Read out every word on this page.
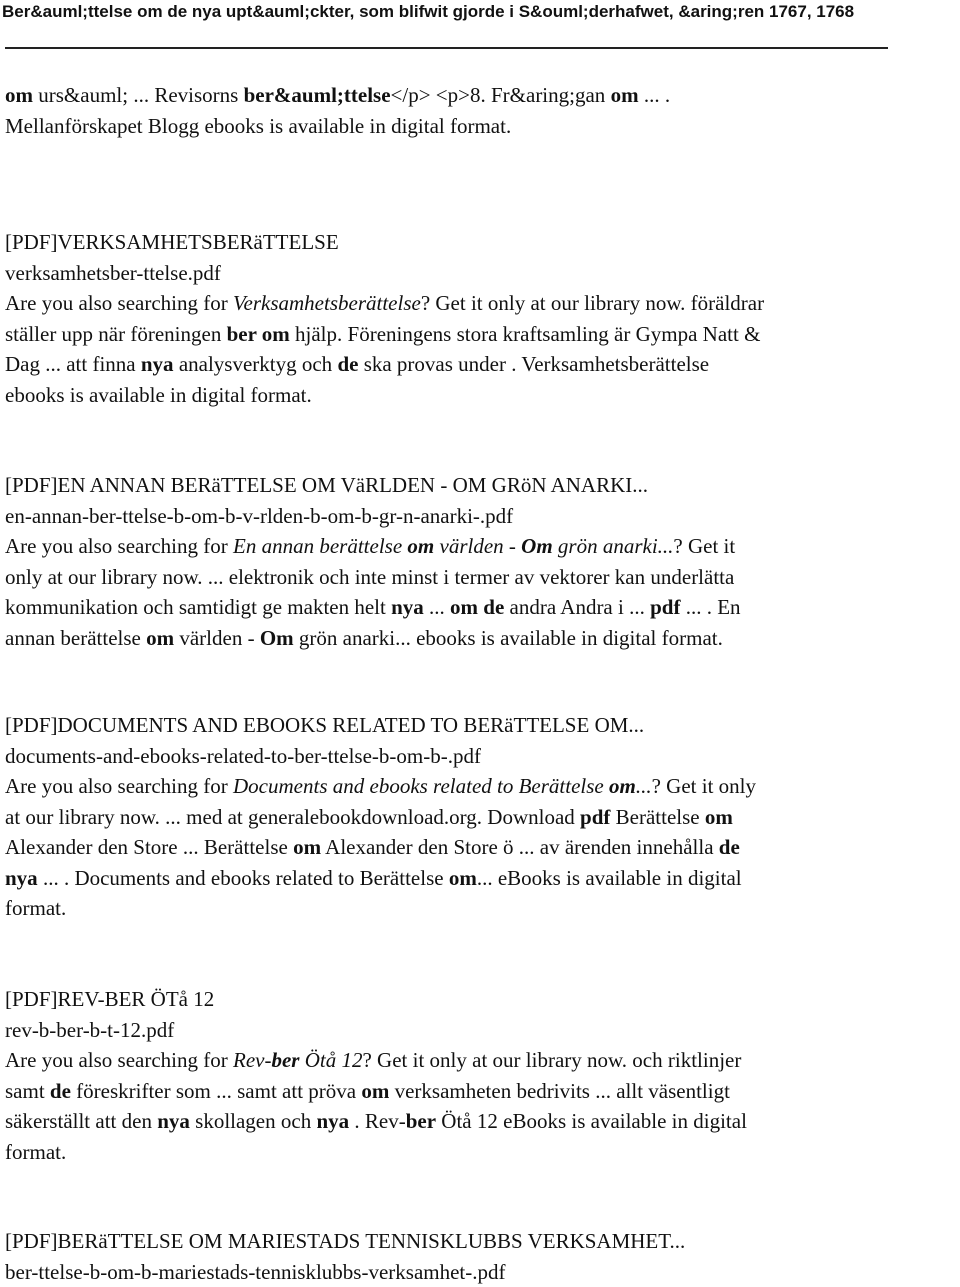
Ber&auml;ttelse om de nya upt&auml;ckter, som blifwit gjorde i S&ouml;derhafwet, &aring;ren 1767, 1768
om urs&auml; ... Revisorns ber&auml;ttelse</p> <p>8. Fr&aring;gan om ... .
Mellanförskapet Blogg ebooks is available in digital format.
[PDF]VERKSAMHETSBERäTTELSE
verksamhetsber-ttelse.pdf
Are you also searching for Verksamhetsberättelse? Get it only at our library now. föräldrar
ställer upp när föreningen ber om hjälp. Föreningens stora kraftsamling är Gympa Natt &
Dag ... att finna nya analysverktyg och de ska provas under . Verksamhetsberättelse
ebooks is available in digital format.
[PDF]EN ANNAN BERäTTELSE OM VäRLDEN - OM GRöN ANARKI...
en-annan-ber-ttelse-b-om-b-v-rlden-b-om-b-gr-n-anarki-.pdf
Are you also searching for En annan berättelse om världen - Om grön anarki...? Get it
only at our library now. ... elektronik och inte minst i termer av vektorer kan underlätta
kommunikation och samtidigt ge makten helt nya ... om de andra Andra i ... pdf ... . En
annan berättelse om världen - Om grön anarki... ebooks is available in digital format.
[PDF]DOCUMENTS AND EBOOKS RELATED TO BERäTTELSE OM...
documents-and-ebooks-related-to-ber-ttelse-b-om-b-.pdf
Are you also searching for Documents and ebooks related to Berättelse om...? Get it only
at our library now. ... med at generalebookdownload.org. Download pdf Berättelse om
Alexander den Store ... Berättelse om Alexander den Store ö ... av ärenden innehålla de
nya ... . Documents and ebooks related to Berättelse om... eBooks is available in digital
format.
[PDF]REV-BER ÖTå 12
rev-b-ber-b-t-12.pdf
Are you also searching for Rev-ber Ötå 12? Get it only at our library now. och riktlinjer
samt de föreskrifter som ... samt att pröva om verksamheten bedrivits ... allt väsentligt
säkerställt att den nya skollagen och nya . Rev-ber Ötå 12 eBooks is available in digital
format.
[PDF]BERäTTELSE OM MARIESTADS TENNISKLUBBS VERKSAMHET...
ber-ttelse-b-om-b-mariestads-tennisklubbs-verksamhet-.pdf
